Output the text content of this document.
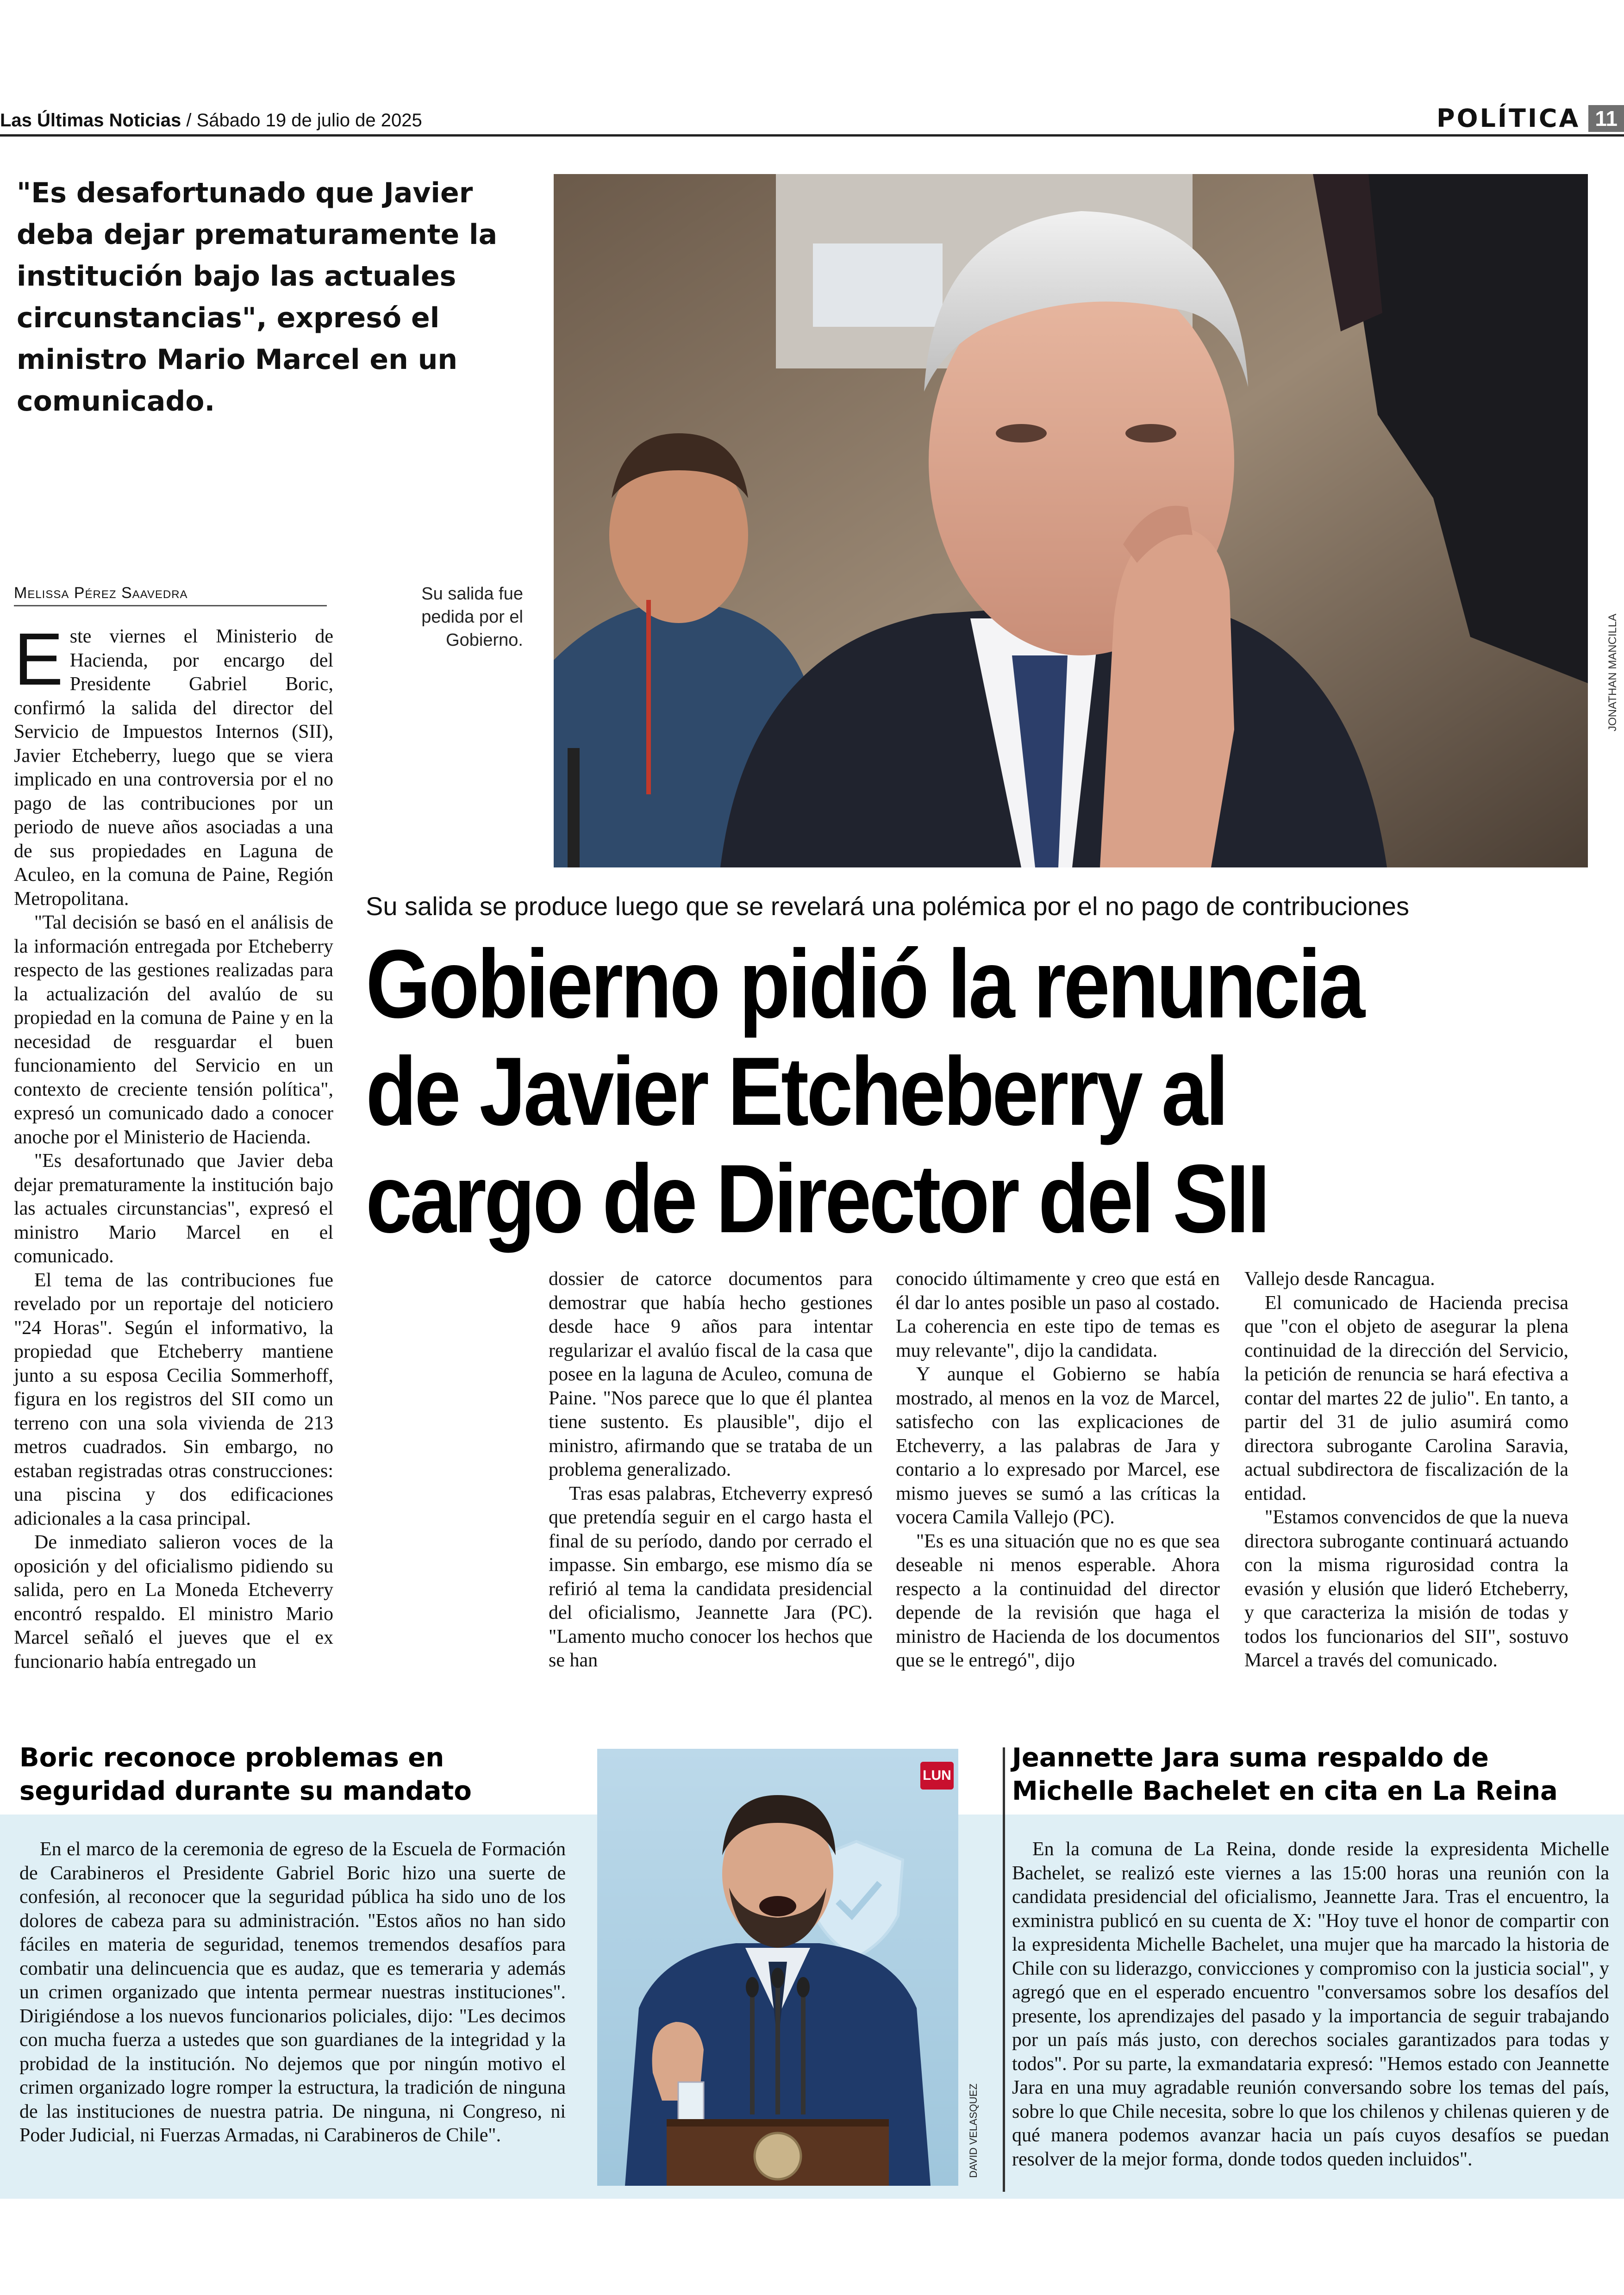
Las Últimas Noticias / Sábado 19 de julio de 2025	POLÍTICA 11
"Es desafortunado que Javier deba dejar prematuramente la institución bajo las actuales circunstancias", expresó el ministro Mario Marcel en un comunicado.
Melissa Pérez Saavedra	Su salida fue pedida por el Gobierno.	JONATHAN MANCILLA
Su salida se produce luego que se revelará una polémica por el no pago de contribuciones
Gobierno pidió la renuncia de Javier Etcheberry al cargo de Director del SII

Este viernes el Ministerio de Hacienda, por encargo del Presidente Gabriel Boric, confirmó la salida del director del Servicio de Impuestos Internos (SII), Javier Etcheberry, luego que se viera implicado en una controversia por el no pago de las contribuciones por un periodo de nueve años asociadas a una de sus propiedades en Laguna de Aculeo, en la comuna de Paine, Región Metropolitana.

"Tal decisión se basó en el análisis de la información entregada por Etcheberry respecto de las gestiones realizadas para la actualización del avalúo de su propiedad en la comuna de Paine y en la necesidad de resguardar el buen funcionamiento del Servicio en un contexto de creciente tensión política", expresó un comunicado dado a conocer anoche por el Ministerio de Hacienda.

"Es desafortunado que Javier deba dejar prematuramente la institución bajo las actuales circunstancias", expresó el ministro Mario Marcel en el comunicado.

El tema de las contribuciones fue revelado por un reportaje del noticiero "24 Horas". Según el informativo, la propiedad que Etcheberry mantiene junto a su esposa Cecilia Sommerhoff, figura en los registros del SII como un terreno con una sola vivienda de 213 metros cuadrados. Sin embargo, no estaban registradas otras construcciones: una piscina y dos edificaciones adicionales a la casa principal.

De inmediato salieron voces de la oposición y del oficialismo pidiendo su salida, pero en La Moneda Etcheverry encontró respaldo. El ministro Mario Marcel señaló el jueves que el ex funcionario había entregado un

dossier de catorce documentos para demostrar que había hecho gestiones desde hace 9 años para intentar regularizar el avalúo fiscal de la casa que posee en la laguna de Aculeo, comuna de Paine. "Nos parece que lo que él plantea tiene sustento. Es plausible", dijo el ministro, afirmando que se trataba de un problema generalizado.

Tras esas palabras, Etcheverry expresó que pretendía seguir en el cargo hasta el final de su período, dando por cerrado el impasse. Sin embargo, ese mismo día se refirió al tema la candidata presidencial del oficialismo, Jeannette Jara (PC). "Lamento mucho conocer los hechos que se han

conocido últimamente y creo que está en él dar lo antes posible un paso al costado. La coherencia en este tipo de temas es muy relevante", dijo la candidata.

Y aunque el Gobierno se había mostrado, al menos en la voz de Marcel, satisfecho con las explicaciones de Etcheverry, a las palabras de Jara y contario a lo expresado por Marcel, ese mismo jueves se sumó a las críticas la vocera Camila Vallejo (PC).

"Es es una situación que no es que sea deseable ni menos esperable. Ahora respecto a la continuidad del director depende de la revisión que haga el ministro de Hacienda de los documentos que se le entregó", dijo

Vallejo desde Rancagua.

El comunicado de Hacienda precisa que "con el objeto de asegurar la plena continuidad de la dirección del Servicio, la petición de renuncia se hará efectiva a contar del martes 22 de julio". En tanto, a partir del 31 de julio asumirá como directora subrogante Carolina Saravia, actual subdirectora de fiscalización de la entidad.

"Estamos convencidos de que la nueva directora subrogante continuará actuando con la misma rigurosidad contra la evasión y elusión que lideró Etcheberry, y que caracteriza la misión de todas y todos los funcionarios del SII", sostuvo Marcel a través del comunicado.

Boric reconoce problemas en seguridad durante su mandato

En el marco de la ceremonia de egreso de la Escuela de Formación de Carabineros el Presidente Gabriel Boric hizo una suerte de confesión, al reconocer que la seguridad pública ha sido uno de los dolores de cabeza para su administración. "Estos años no han sido fáciles en materia de seguridad, tenemos tremendos desafíos para combatir una delincuencia que es audaz, que es temeraria y además un crimen organizado que intenta permear nuestras instituciones". Dirigiéndose a los nuevos funcionarios policiales, dijo: "Les decimos con mucha fuerza a ustedes que son guardianes de la integridad y la probidad de la institución. No dejemos que por ningún motivo el crimen organizado logre romper la estructura, la tradición de ninguna de las instituciones de nuestra patria. De ninguna, ni Congreso, ni Poder Judicial, ni Fuerzas Armadas, ni Carabineros de Chile".

Jeannette Jara suma respaldo de Michelle Bachelet en cita en La Reina

En la comuna de La Reina, donde reside la expresidenta Michelle Bachelet, se realizó este viernes a las 15:00 horas una reunión con la candidata presidencial del oficialismo, Jeannette Jara. Tras el encuentro, la exministra publicó en su cuenta de X: "Hoy tuve el honor de compartir con la expresidenta Michelle Bachelet, una mujer que ha marcado la historia de Chile con su liderazgo, convicciones y compromiso con la justicia social", y agregó que en el esperado encuentro "conversamos sobre los desafíos del presente, los aprendizajes del pasado y la importancia de seguir trabajando por un país más justo, con derechos sociales garantizados para todas y todos". Por su parte, la exmandataria expresó: "Hemos estado con Jeannette Jara en una muy agradable reunión conversando sobre los temas del país, sobre lo que Chile necesita, sobre lo que los chilenos y chilenas quieren y de qué manera podemos avanzar hacia un país cuyos desafíos se puedan resolver de la mejor forma, donde todos queden incluidos".

LUN
DAVID VELASQUEZ
